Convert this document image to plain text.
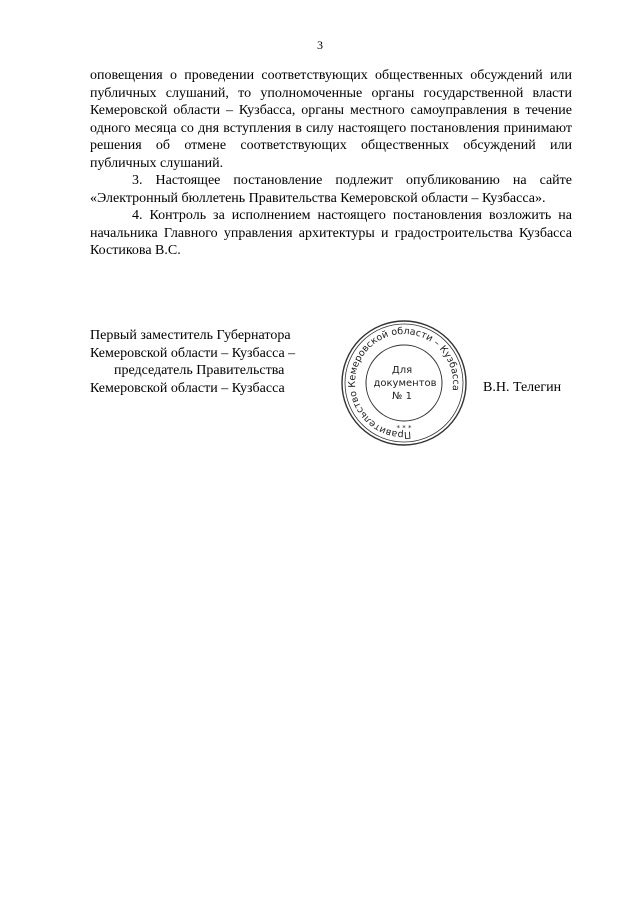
3

оповещения о проведении соответствующих общественных обсуждений или публичных слушаний, то уполномоченные органы государственной власти Кемеровской области – Кузбасса, органы местного самоуправления в течение одного месяца со дня вступления в силу настоящего постановления принимают решения об отмене соответствующих общественных обсуждений или публичных слушаний.

3. Настоящее постановление подлежит опубликованию на сайте «Электронный бюллетень Правительства Кемеровской области – Кузбасса».

4. Контроль за исполнением настоящего постановления возложить на начальника Главного управления архитектуры и градостроительства Кузбасса Костикова В.С.

Первый заместитель Губернатора
Кемеровской области – Кузбасса –
председатель Правительства
Кемеровской области – Кузбасса
Правительство Кемеровской области – Кузбасса
* * *
Для
документов
№ 1
В.Н. Телегин
